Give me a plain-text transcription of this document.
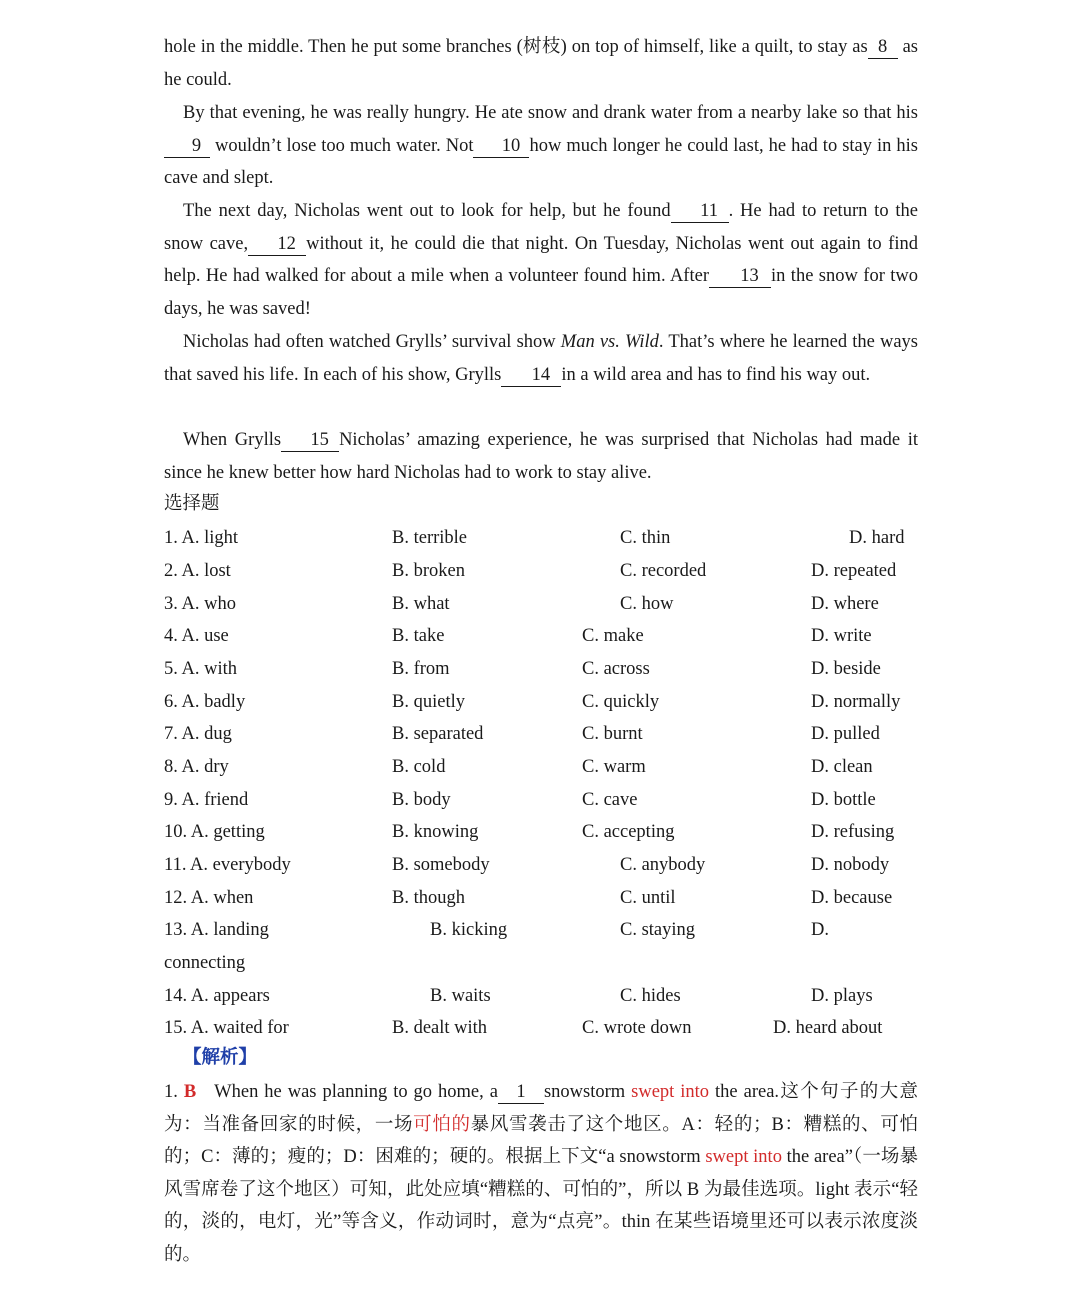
hole in the middle. Then he put some branches (树枝) on top of himself, like a quilt, to stay as 8 as he could.

By that evening, he was really hungry. He ate snow and drank water from a nearby lake so that his9 wouldn’t lose too much water. Not 10 how much longer he could last, he had to stay in his cave and slept.

The next day, Nicholas went out to look for help, but he found 11 . He had to return to the snow cave, 12 without it, he could die that night. On Tuesday, Nicholas went out again to find help. He had walked for about a mile when a volunteer found him. After 13 in the snow for two days, he was saved!

Nicholas had often watched Grylls’ survival show Man vs. Wild. That’s where he learned the ways that saved his life. In each of his show, Grylls 14 in a wild area and has to find his way out.

When Grylls 15 Nicholas’ amazing experience, he was surprised that Nicholas had made it since he knew better how hard Nicholas had to work to stay alive.

选择题

1. A. light	B. terrible	C. thin	D. hard

2. A. lost	B. broken	C. recorded	D. repeated

3. A. who	B. what	C. how	D. where

4. A. use	B. take	C. make	D. write

5. A. with	B. from	C. across	D. beside

6. A. badly	B. quietly	C. quickly	D. normally

7. A. dug	B. separated	C. burnt	D. pulled

8. A. dry	B. cold	C. warm	D. clean

9. A. friend	B. body	C. cave	D. bottle

10. A. getting	B. knowing	C. accepting	D. refusing

11. A. everybody	B. somebody	C. anybody	D. nobody

12. A. when	B. though	C. until	D. because

13. A. landing	B. kicking	C. staying	D.

connecting

14. A. appears	B. waits	C. hides	D. plays

15. A. waited for	B. dealt with	C. wrote down	D. heard about

【解析】

1. B When he was planning to go home, a 1 snowstorm swept into the area.这个句子的大意为：当准备回家的时候，一场可怕的暴风雪袭击了这个地区。A：轻的；B：糟糕的、可怕的；C：薄的；瘦的；D：困难的；硬的。根据上下文“a snowstorm swept into the area”（一场暴风雪席卷了这个地区）可知，此处应填“糟糕的、可怕的”，所以 B 为最佳选项。light 表示“轻的，淡的，电灯，光”等含义，作动词时，意为“点亮”。thin 在某些语境里还可以表示浓度淡的。
